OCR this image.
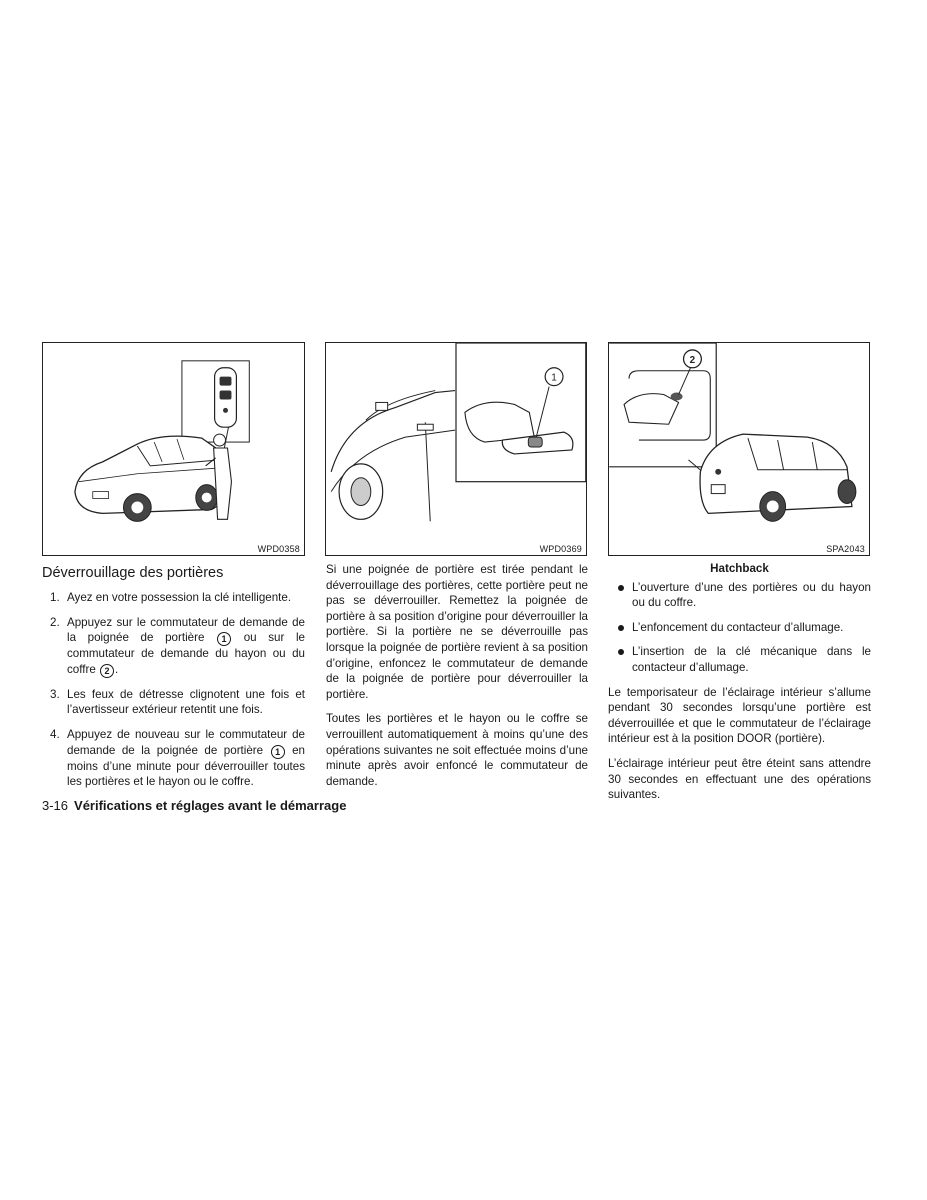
WPD0358
1
WPD0369
2
SPA2043
Déverrouillage des portières
1. Ayez en votre possession la clé intelligente.
2. Appuyez sur le commutateur de demande de la poignée de portière 1 ou sur le commutateur de demande du hayon ou du coffre 2 .
3. Les feux de détresse clignotent une fois et l’avertisseur extérieur retentit une fois.
4. Appuyez de nouveau sur le commutateur de demande de la poignée de portière 1 en moins d’une minute pour déverrouiller toutes les portières et le hayon ou le coffre.

Si une poignée de portière est tirée pendant le déverrouillage des portières, cette portière peut ne pas se déverrouiller. Remettez la poignée de portière à sa position d’origine pour déverrouiller la portière. Si la portière ne se déverrouille pas lorsque la poignée de portière revient à sa position d’origine, enfoncez le commutateur de demande de la poignée de portière pour déverrouiller la portière.

Toutes les portières et le hayon ou le coffre se verrouillent automatiquement à moins qu’une des opérations suivantes ne soit effectuée moins d’une minute après avoir enfoncé le commutateur de demande.

Hatchback
L’ouverture d’une des portières ou du hayon ou du coffre.
L’enfoncement du contacteur d’allumage.
L’insertion de la clé mécanique dans le contacteur d’allumage.

Le temporisateur de l’éclairage intérieur s’allume pendant 30 secondes lorsqu’une portière est déverrouillée et que le commutateur de l’éclairage intérieur est à la position DOOR (portière).

L’éclairage intérieur peut être éteint sans attendre 30 secondes en effectuant une des opérations suivantes.

3-16 Vérifications et réglages avant le démarrage
